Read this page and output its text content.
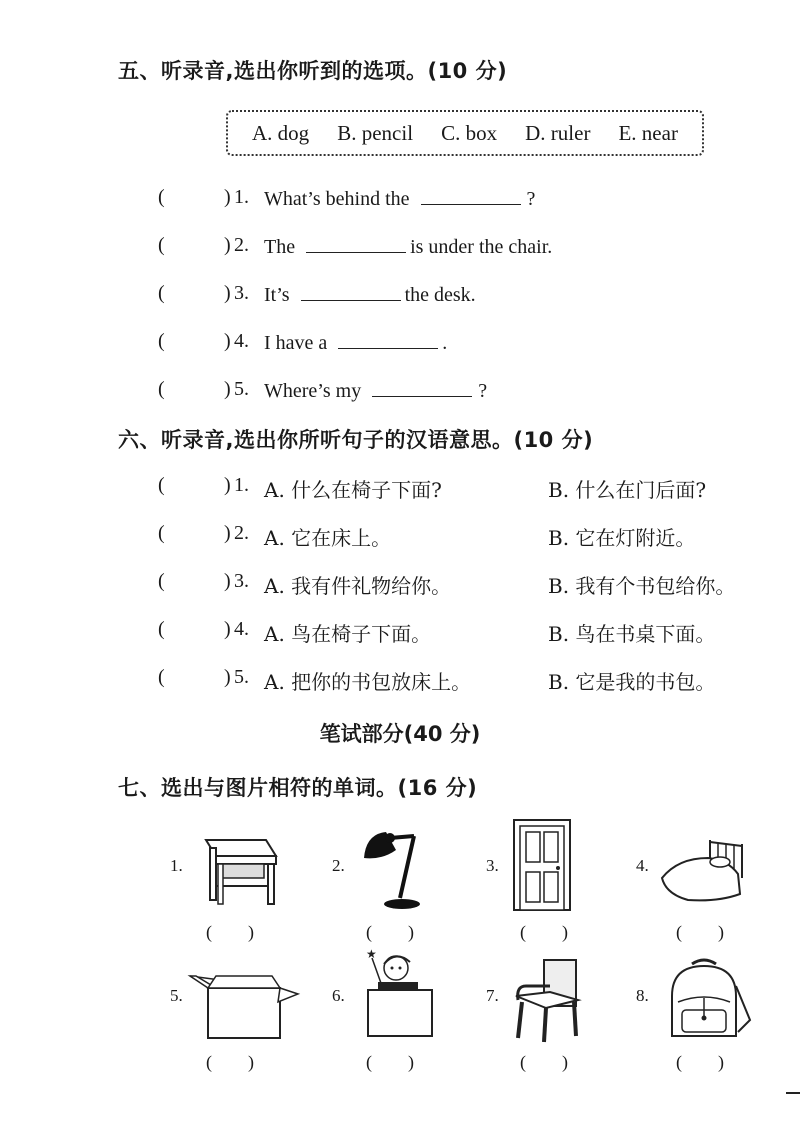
五、听录音,选出你听到的选项。(10 分)
A. dog B. pencil C. box D. ruler E. near
(	) 1. What’s behind the	?
(	) 2. The	is under the chair.
(	) 3. It’s	the desk.
(	) 4. I have a	.
(	) 5. Where’s my	?
六、听录音,选出你所听句子的汉语意思。(10 分)
(	) 1. A. 什么在椅子下面?	B. 什么在门后面?
(	) 2. A. 它在床上。	B. 它在灯附近。
(	) 3. A. 我有件礼物给你。	B. 我有个书包给你。
(	) 4. A. 鸟在椅子下面。	B. 鸟在书桌下面。
(	) 5. A. 把你的书包放床上。	B. 它是我的书包。
笔试部分(40 分)
七、选出与图片相符的单词。(16 分)
1.
(　　)
2.
(　　)
3.
(　　)
4.
(　　)
5.
(　　)
6.
★
(　　)
7.
(　　)
8.
(　　)
